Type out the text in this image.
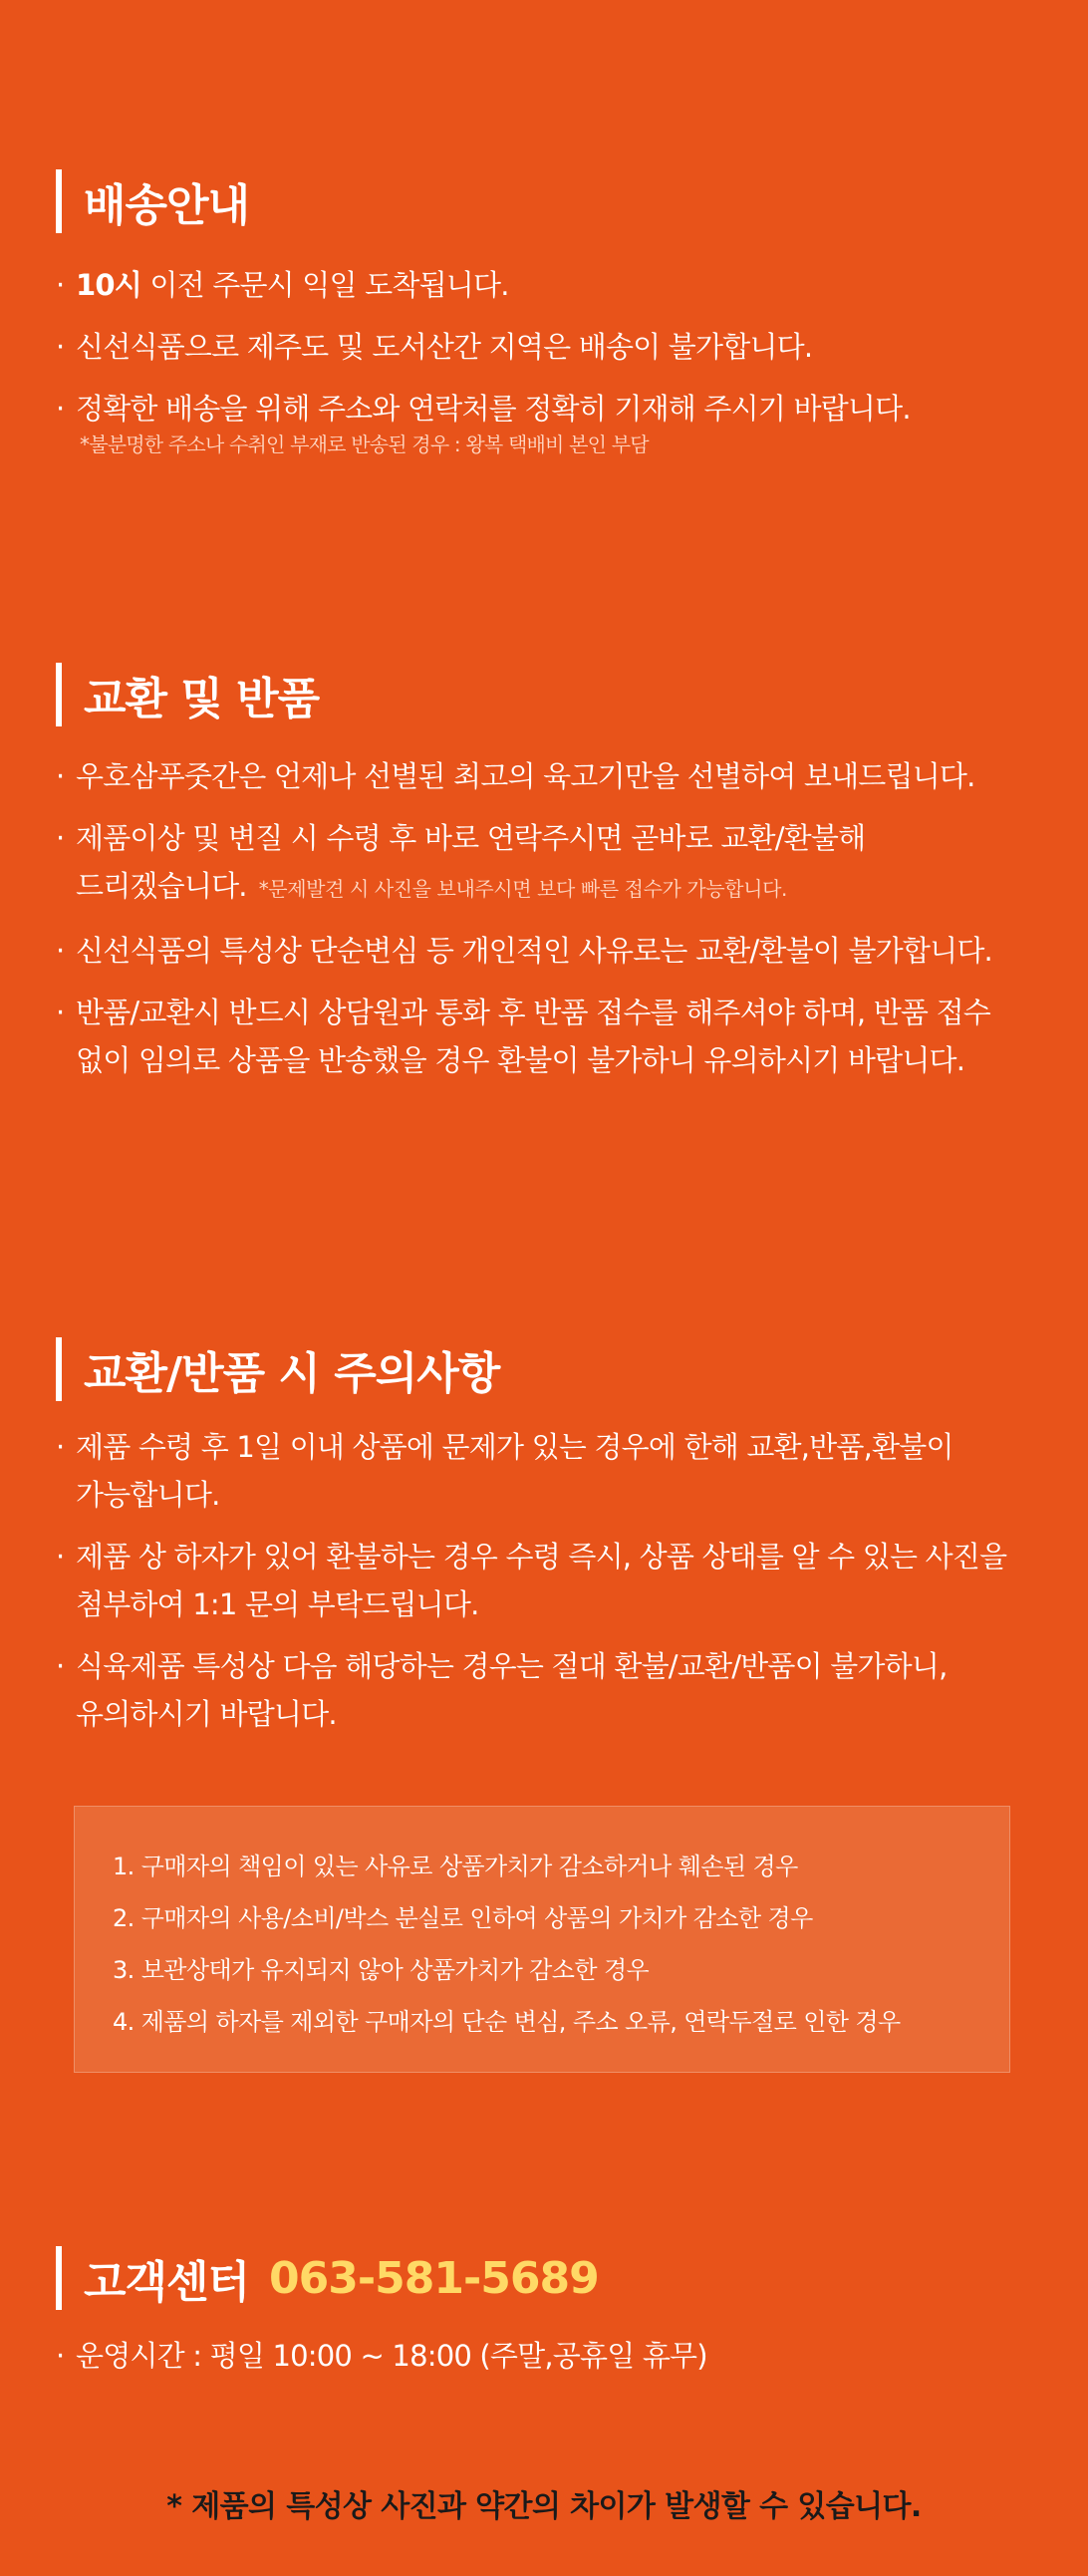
배송안내
· 10시 이전 주문시 익일 도착됩니다.
· 신선식품으로 제주도 및 도서산간 지역은 배송이 불가합니다.
· 정확한 배송을 위해 주소와 연락처를 정확히 기재해 주시기 바랍니다.
*불분명한 주소나 수취인 부재로 반송된 경우 : 왕복 택배비 본인 부담
교환 및 반품
· 우호삼푸줏간은 언제나 선별된 최고의 육고기만을 선별하여 보내드립니다.
· 제품이상 및 변질 시 수령 후 바로 연락주시면 곧바로 교환/환불해
드리겠습니다. *문제발견 시 사진을 보내주시면 보다 빠른 접수가 가능합니다.
· 신선식품의 특성상 단순변심 등 개인적인 사유로는 교환/환불이 불가합니다.
· 반품/교환시 반드시 상담원과 통화 후 반품 접수를 해주셔야 하며, 반품 접수
없이 임의로 상품을 반송했을 경우 환불이 불가하니 유의하시기 바랍니다.
교환/반품 시 주의사항
· 제품 수령 후 1일 이내 상품에 문제가 있는 경우에 한해 교환,반품,환불이
가능합니다.
· 제품 상 하자가 있어 환불하는 경우 수령 즉시, 상품 상태를 알 수 있는 사진을
첨부하여 1:1 문의 부탁드립니다.
· 식육제품 특성상 다음 해당하는 경우는 절대 환불/교환/반품이 불가하니,
유의하시기 바랍니다.
1. 구매자의 책임이 있는 사유로 상품가치가 감소하거나 훼손된 경우
2. 구매자의 사용/소비/박스 분실로 인하여 상품의 가치가 감소한 경우
3. 보관상태가 유지되지 않아 상품가치가 감소한 경우
4. 제품의 하자를 제외한 구매자의 단순 변심, 주소 오류, 연락두절로 인한 경우
고객센터 063-581-5689
· 운영시간 : 평일 10:00 ~ 18:00 (주말,공휴일 휴무)
* 제품의 특성상 사진과 약간의 차이가 발생할 수 있습니다.
